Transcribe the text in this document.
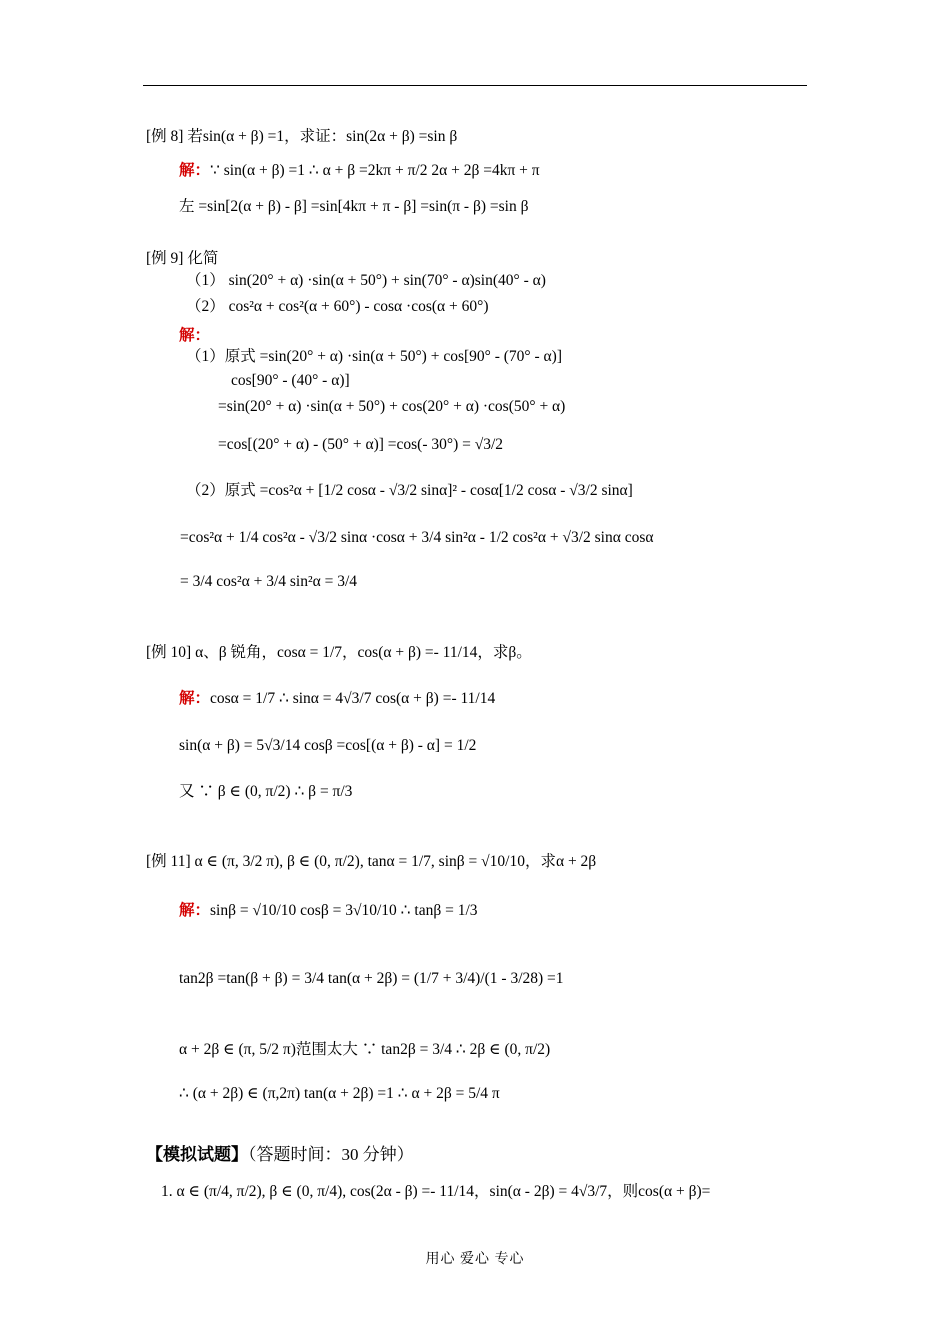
[例 8] 若sin(α + β) =1，求证：sin(2α + β) =sin β
解：∵ sin(α + β) =1 ∴ α + β =2kπ + π/2 2α + 2β =4kπ + π
左 =sin[2(α + β) - β] =sin[4kπ + π - β] =sin(π - β) =sin β
[例 9] 化简
（1） sin(20° + α) ·sin(α + 50°) + sin(70° - α)sin(40° - α)
（2） cos²α + cos²(α + 60°) - cosα ·cos(α + 60°)
解：
（1）原式 =sin(20° + α) ·sin(α + 50°) + cos[90° - (70° - α)]
cos[90° - (40° - α)]
=sin(20° + α) ·sin(α + 50°) + cos(20° + α) ·cos(50° + α)
=cos[(20° + α) - (50° + α)] =cos(- 30°) = √3/2
（2）原式 =cos²α + [1/2 cosα - √3/2 sinα]² - cosα[1/2 cosα - √3/2 sinα]
=cos²α + 1/4 cos²α - √3/2 sinα ·cosα + 3/4 sin²α - 1/2 cos²α + √3/2 sinα cosα
= 3/4 cos²α + 3/4 sin²α = 3/4
[例 10] α、β 锐角，cosα = 1/7，cos(α + β) =- 11/14，求β。
解：cosα = 1/7 ∴ sinα = 4√3/7 cos(α + β) =- 11/14
sin(α + β) = 5√3/14 cosβ =cos[(α + β) - α] = 1/2
又 ∵ β ∈ (0, π/2) ∴ β = π/3
[例 11] α ∈ (π, 3/2 π), β ∈ (0, π/2), tanα = 1/7, sinβ = √10/10，求α + 2β
解：sinβ = √10/10 cosβ = 3√10/10 ∴ tanβ = 1/3
tan2β =tan(β + β) = 3/4 tan(α + 2β) = (1/7 + 3/4)/(1 - 3/28) =1
α + 2β ∈ (π, 5/2 π)范围太大 ∵ tan2β = 3/4 ∴ 2β ∈ (0, π/2)
∴ (α + 2β) ∈ (π,2π) tan(α + 2β) =1 ∴ α + 2β = 5/4 π
【模拟试题】（答题时间：30 分钟）
1. α ∈ (π/4, π/2), β ∈ (0, π/4), cos(2α - β) =- 11/14，sin(α - 2β) = 4√3/7，则cos(α + β)=
用心 爱心 专心
